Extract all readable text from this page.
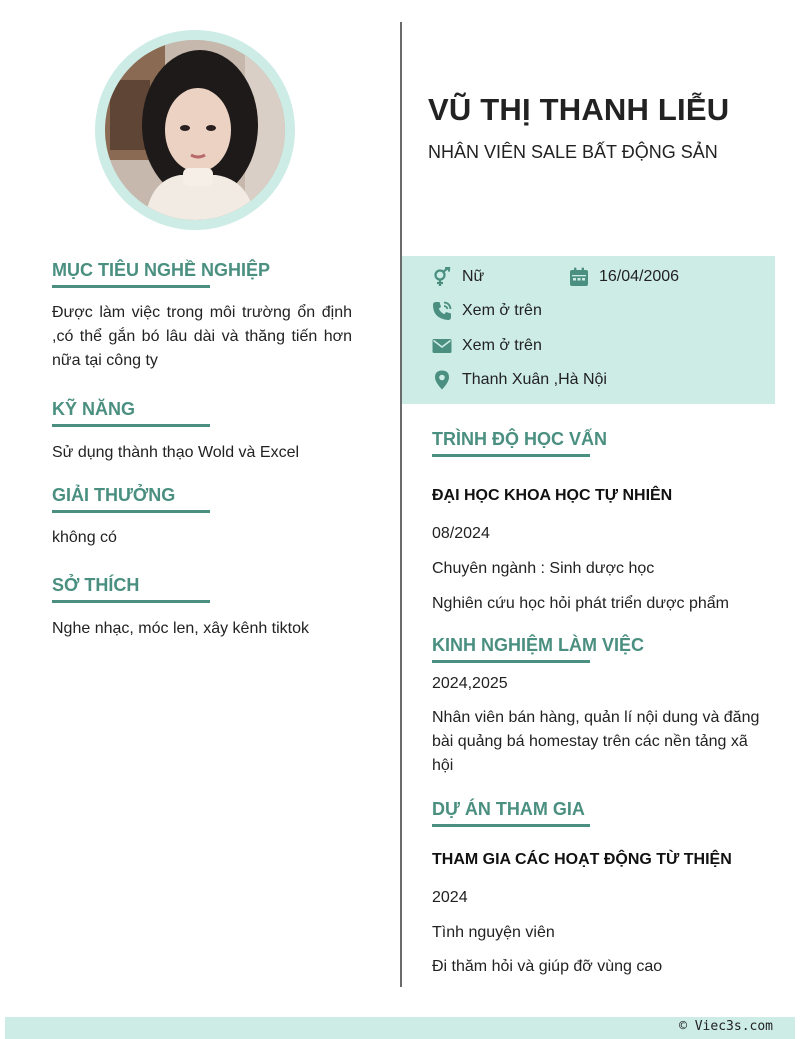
MỤC TIÊU NGHỀ NGHIỆP
Được làm việc trong môi trường ổn định ,có thể gắn bó lâu dài và thăng tiến hơn nữa tại công ty
KỸ NĂNG
Sử dụng thành thạo Wold và Excel
GIẢI THƯỞNG
không có
SỞ THÍCH
Nghe nhạc, móc len, xây kênh tiktok
VŨ THỊ THANH LIỄU
NHÂN VIÊN SALE BẤT ĐỘNG SẢN
Nữ	16/04/2006
Xem ở trên
Xem ở trên
Thanh Xuân ,Hà Nội
TRÌNH ĐỘ HỌC VẤN
ĐẠI HỌC KHOA HỌC TỰ NHIÊN
08/2024
Chuyên ngành : Sinh dược học
Nghiên cứu học hỏi phát triển dược phẩm
KINH NGHIỆM LÀM VIỆC
2024,2025
Nhân viên bán hàng, quản lí nội dung và đăng bài quảng bá homestay trên các nền tảng xã hội
DỰ ÁN THAM GIA
THAM GIA CÁC HOẠT ĐỘNG TỪ THIỆN
2024
Tình nguyện viên
Đi thăm hỏi và giúp đỡ vùng cao
© Viec3s.com
